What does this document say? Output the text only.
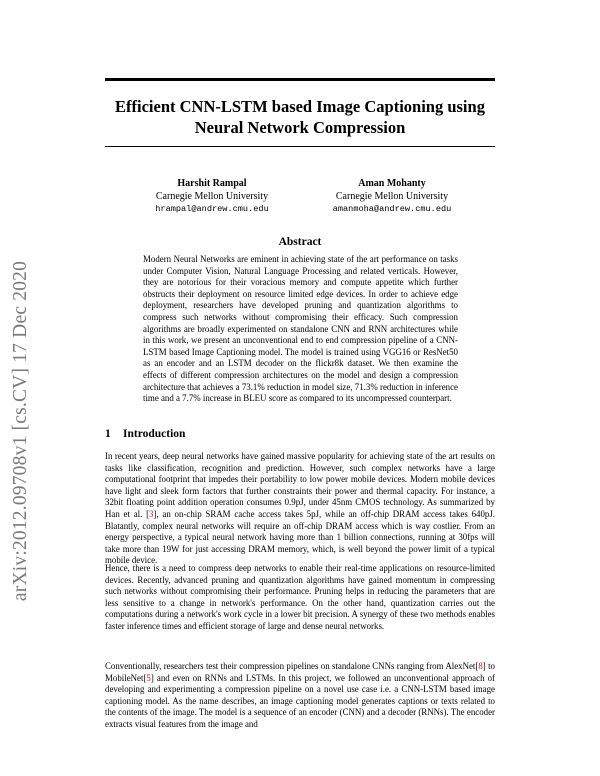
arXiv:2012.09708v1 [cs.CV] 17 Dec 2020
Efficient CNN-LSTM based Image Captioning using Neural Network Compression
Harshit Rampal
Carnegie Mellon University
hrampal@andrew.cmu.edu
Aman Mohanty
Carnegie Mellon University
amanmoha@andrew.cmu.edu
Abstract
Modern Neural Networks are eminent in achieving state of the art performance on tasks under Computer Vision, Natural Language Processing and related verticals. However, they are notorious for their voracious memory and compute appetite which further obstructs their deployment on resource limited edge devices. In order to achieve edge deployment, researchers have developed pruning and quantization algorithms to compress such networks without compromising their efficacy. Such compression algorithms are broadly experimented on standalone CNN and RNN architectures while in this work, we present an unconventional end to end compression pipeline of a CNN-LSTM based Image Captioning model. The model is trained using VGG16 or ResNet50 as an encoder and an LSTM decoder on the flickr8k dataset. We then examine the effects of different compression architectures on the model and design a compression architecture that achieves a 73.1% reduction in model size, 71.3% reduction in inference time and a 7.7% increase in BLEU score as compared to its uncompressed counterpart.
1 Introduction
In recent years, deep neural networks have gained massive popularity for achieving state of the art results on tasks like classification, recognition and prediction. However, such complex networks have a large computational footprint that impedes their portability to low power mobile devices. Modern mobile devices have light and sleek form factors that further constraints their power and thermal capacity. For instance, a 32bit floating point addition operation consumes 0.9pJ, under 45nm CMOS technology. As summarized by Han et al. [3], an on-chip SRAM cache access takes 5pJ, while an off-chip DRAM access takes 640pJ. Blatantly, complex neural networks will require an off-chip DRAM access which is way costlier. From an energy perspective, a typical neural network having more than 1 billion connections, running at 30fps will take more than 19W for just accessing DRAM memory, which, is well beyond the power limit of a typical mobile device.
Hence, there is a need to compress deep networks to enable their real-time applications on resource-limited devices. Recently, advanced pruning and quantization algorithms have gained momentum in compressing such networks without compromising their performance. Pruning helps in reducing the parameters that are less sensitive to a change in network's performance. On the other hand, quantization carries out the computations during a network's work cycle in a lower bit precision. A synergy of these two methods enables faster inference times and efficient storage of large and dense neural networks.
Conventionally, researchers test their compression pipelines on standalone CNNs ranging from AlexNet[8] to MobileNet[5] and even on RNNs and LSTMs. In this project, we followed an unconventional approach of developing and experimenting a compression pipeline on a novel use case i.e. a CNN-LSTM based image captioning model. As the name describes, an image captioning model generates captions or texts related to the contents of the image. The model is a sequence of an encoder (CNN) and a decoder (RNNs). The encoder extracts visual features from the image and
